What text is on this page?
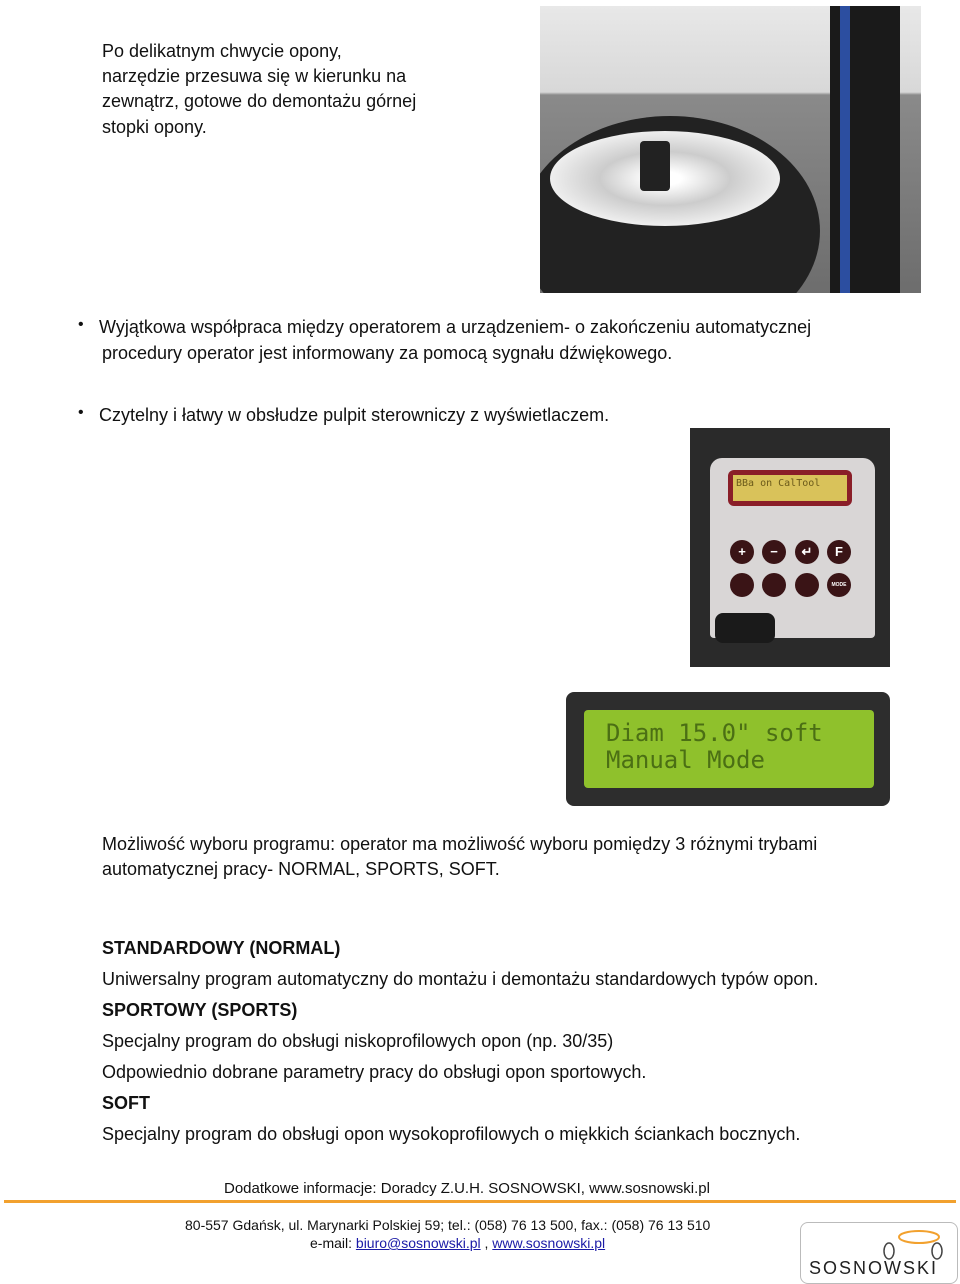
Po delikatnym chwycie opony,
narzędzie przesuwa się w kierunku na
zewnątrz, gotowe do demontażu górnej
stopki opony.
• Wyjątkowa współpraca między operatorem a urządzeniem- o zakończeniu automatycznej
procedury operator jest informowany za pomocą sygnału dźwiękowego.
• Czytelny i łatwy w obsłudze pulpit sterowniczy z wyświetlaczem.
BBa on CalTool
+	−	↵	F
MODE
Diam 15.0" soft
Manual Mode
Możliwość wyboru programu: operator ma możliwość wyboru pomiędzy 3 różnymi trybami
automatycznej pracy- NORMAL, SPORTS, SOFT.
STANDARDOWY (NORMAL)
Uniwersalny program automatyczny do montażu i demontażu standardowych typów opon.
SPORTOWY (SPORTS)
Specjalny program do obsługi niskoprofilowych opon (np. 30/35)
Odpowiednio dobrane parametry pracy do obsługi opon sportowych.
SOFT
Specjalny program do obsługi opon wysokoprofilowych o miękkich ściankach bocznych.
Dodatkowe informacje: Doradcy Z.U.H. SOSNOWSKI, www.sosnowski.pl
80-557 Gdańsk, ul. Marynarki Polskiej 59; tel.: (058) 76 13 500, fax.: (058) 76 13 510
e-mail: biuro@sosnowski.pl , www.sosnowski.pl
SOSNOWSKI
